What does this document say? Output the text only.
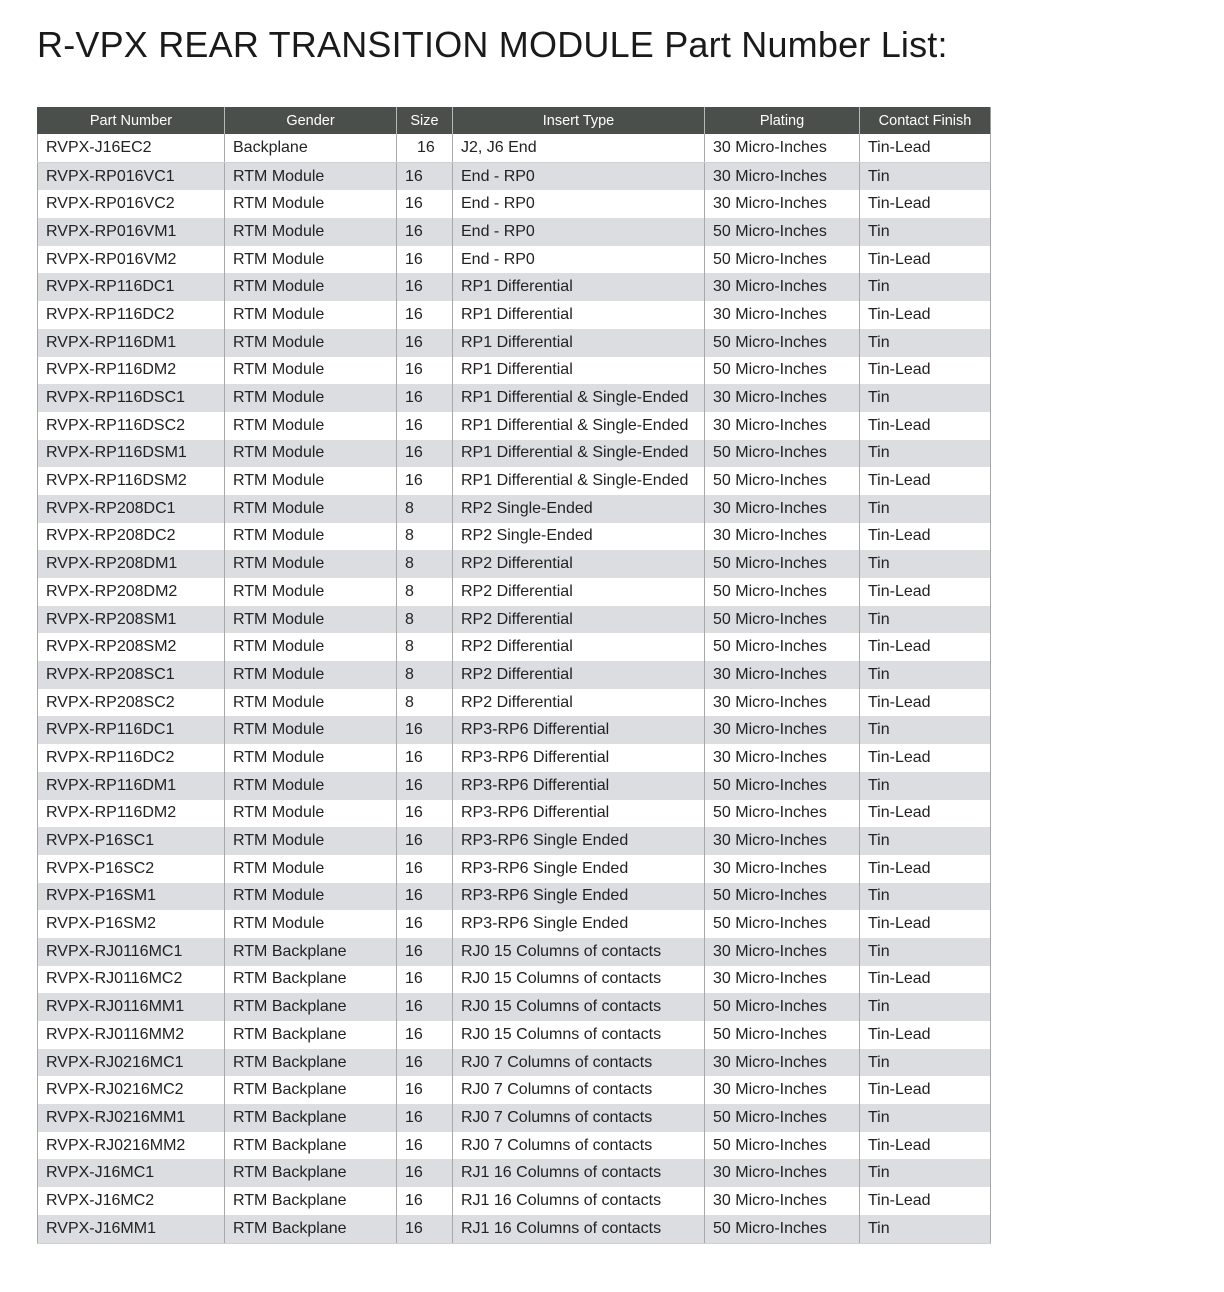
R-VPX REAR TRANSITION MODULE Part Number List:
Part Number	Gender	Size	Insert Type	Plating	Contact Finish
RVPX-J16EC2	Backplane	16	J2, J6 End	30 Micro-Inches	Tin-Lead
RVPX-RP016VC1	RTM Module	16	End - RP0	30 Micro-Inches	Tin
RVPX-RP016VC2	RTM Module	16	End - RP0	30 Micro-Inches	Tin-Lead
RVPX-RP016VM1	RTM Module	16	End - RP0	50 Micro-Inches	Tin
RVPX-RP016VM2	RTM Module	16	End - RP0	50 Micro-Inches	Tin-Lead
RVPX-RP116DC1	RTM Module	16	RP1 Differential	30 Micro-Inches	Tin
RVPX-RP116DC2	RTM Module	16	RP1 Differential	30 Micro-Inches	Tin-Lead
RVPX-RP116DM1	RTM Module	16	RP1 Differential	50 Micro-Inches	Tin
RVPX-RP116DM2	RTM Module	16	RP1 Differential	50 Micro-Inches	Tin-Lead
RVPX-RP116DSC1	RTM Module	16	RP1 Differential & Single-Ended	30 Micro-Inches	Tin
RVPX-RP116DSC2	RTM Module	16	RP1 Differential & Single-Ended	30 Micro-Inches	Tin-Lead
RVPX-RP116DSM1	RTM Module	16	RP1 Differential & Single-Ended	50 Micro-Inches	Tin
RVPX-RP116DSM2	RTM Module	16	RP1 Differential & Single-Ended	50 Micro-Inches	Tin-Lead
RVPX-RP208DC1	RTM Module	8	RP2 Single-Ended	30 Micro-Inches	Tin
RVPX-RP208DC2	RTM Module	8	RP2 Single-Ended	30 Micro-Inches	Tin-Lead
RVPX-RP208DM1	RTM Module	8	RP2 Differential	50 Micro-Inches	Tin
RVPX-RP208DM2	RTM Module	8	RP2 Differential	50 Micro-Inches	Tin-Lead
RVPX-RP208SM1	RTM Module	8	RP2 Differential	50 Micro-Inches	Tin
RVPX-RP208SM2	RTM Module	8	RP2 Differential	50 Micro-Inches	Tin-Lead
RVPX-RP208SC1	RTM Module	8	RP2 Differential	30 Micro-Inches	Tin
RVPX-RP208SC2	RTM Module	8	RP2 Differential	30 Micro-Inches	Tin-Lead
RVPX-RP116DC1	RTM Module	16	RP3-RP6 Differential	30 Micro-Inches	Tin
RVPX-RP116DC2	RTM Module	16	RP3-RP6 Differential	30 Micro-Inches	Tin-Lead
RVPX-RP116DM1	RTM Module	16	RP3-RP6 Differential	50 Micro-Inches	Tin
RVPX-RP116DM2	RTM Module	16	RP3-RP6 Differential	50 Micro-Inches	Tin-Lead
RVPX-P16SC1	RTM Module	16	RP3-RP6 Single Ended	30 Micro-Inches	Tin
RVPX-P16SC2	RTM Module	16	RP3-RP6 Single Ended	30 Micro-Inches	Tin-Lead
RVPX-P16SM1	RTM Module	16	RP3-RP6 Single Ended	50 Micro-Inches	Tin
RVPX-P16SM2	RTM Module	16	RP3-RP6 Single Ended	50 Micro-Inches	Tin-Lead
RVPX-RJ0116MC1	RTM Backplane	16	RJ0 15 Columns of contacts	30 Micro-Inches	Tin
RVPX-RJ0116MC2	RTM Backplane	16	RJ0 15 Columns of contacts	30 Micro-Inches	Tin-Lead
RVPX-RJ0116MM1	RTM Backplane	16	RJ0 15 Columns of contacts	50 Micro-Inches	Tin
RVPX-RJ0116MM2	RTM Backplane	16	RJ0 15 Columns of contacts	50 Micro-Inches	Tin-Lead
RVPX-RJ0216MC1	RTM Backplane	16	RJ0 7 Columns of contacts	30 Micro-Inches	Tin
RVPX-RJ0216MC2	RTM Backplane	16	RJ0 7 Columns of contacts	30 Micro-Inches	Tin-Lead
RVPX-RJ0216MM1	RTM Backplane	16	RJ0 7 Columns of contacts	50 Micro-Inches	Tin
RVPX-RJ0216MM2	RTM Backplane	16	RJ0 7 Columns of contacts	50 Micro-Inches	Tin-Lead
RVPX-J16MC1	RTM Backplane	16	RJ1 16 Columns of contacts	30 Micro-Inches	Tin
RVPX-J16MC2	RTM Backplane	16	RJ1 16 Columns of contacts	30 Micro-Inches	Tin-Lead
RVPX-J16MM1	RTM Backplane	16	RJ1 16 Columns of contacts	50 Micro-Inches	Tin
